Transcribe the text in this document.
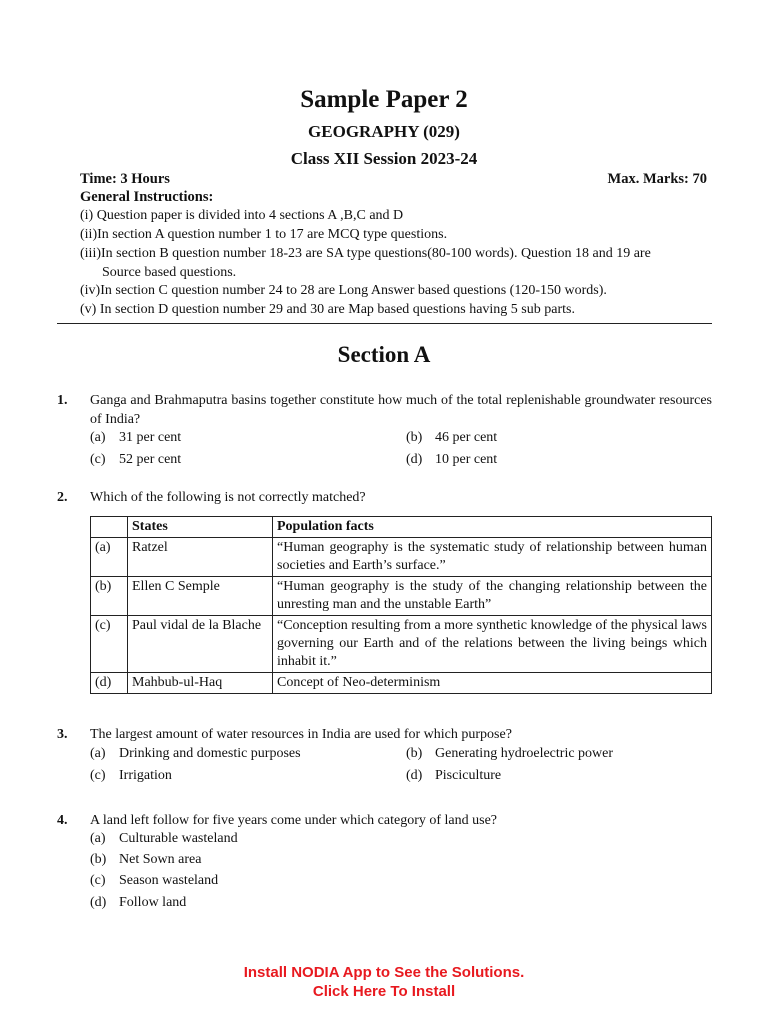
Sample Paper 2
GEOGRAPHY (029)
Class XII Session 2023-24
Time: 3 Hours	Max. Marks: 70
General Instructions:
(i) Question paper is divided into 4 sections A ,B,C and D
(ii)In section A question number 1 to 17 are MCQ type questions.
(iii)In section B question number 18-23 are SA type questions(80-100 words). Question 18 and 19 are
Source based questions.
(iv)In section C question number 24 to 28 are Long Answer based questions (120-150 words).
(v) In section D question number 29 and 30 are Map based questions having 5 sub parts.
Section A
1. Ganga and Brahmaputra basins together constitute how much of the total replenishable groundwater resources of India?
(a) 31 per cent	(b) 46 per cent
(c) 52 per cent	(d) 10 per cent
2. Which of the following is not correctly matched?
	States	Population facts
(a)	Ratzel	“Human geography is the systematic study of relationship between human societies and Earth’s surface.”
(b)	Ellen C Semple	“Human geography is the study of the changing relationship between the unresting man and the unstable Earth”
(c)	Paul vidal de la Blache	“Conception resulting from a more synthetic knowledge of the physical laws governing our Earth and of the relations between the living beings which inhabit it.”
(d)	Mahbub-ul-Haq	Concept of Neo-determinism
3. The largest amount of water resources in India are used for which purpose?
(a) Drinking and domestic purposes	(b) Generating hydroelectric power
(c) Irrigation	(d) Pisciculture
4. A land left follow for five years come under which category of land use?
(a) Culturable wasteland
(b) Net Sown area
(c) Season wasteland
(d) Follow land
Install NODIA App to See the Solutions.
Click Here To Install
